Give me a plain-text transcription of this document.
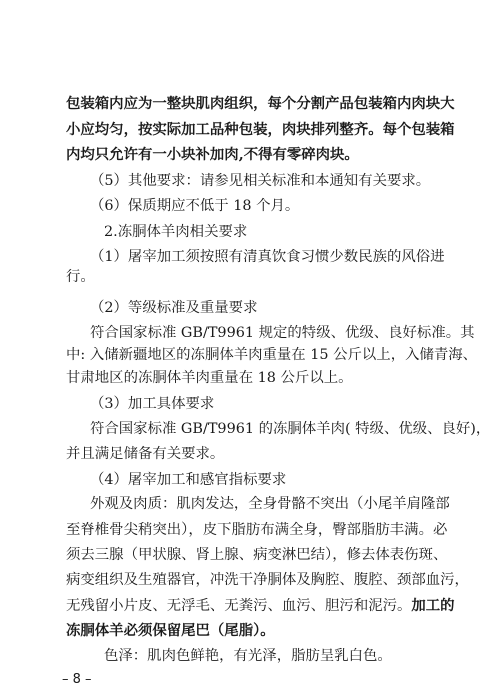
包装箱内应为一整块肌肉组织，每个分割产品包装箱内肉块大
小应均匀，按实际加工品种包装，肉块排列整齐。每个包装箱
内均只允许有一小块补加肉,不得有零碎肉块。
（5）其他要求：请参见相关标准和本通知有关要求。
（6）保质期应不低于 18 个月。
2.冻胴体羊肉相关要求
（1）屠宰加工须按照有清真饮食习惯少数民族的风俗进
行。
（2）等级标准及重量要求
符合国家标准 GB/T9961 规定的特级、优级、良好标准。其
中: 入储新疆地区的冻胴体羊肉重量在 15 公斤以上，入储青海、
甘肃地区的冻胴体羊肉重量在 18 公斤以上。
（3）加工具体要求
符合国家标准 GB/T9961 的冻胴体羊肉( 特级、优级、良好)，
并且满足储备有关要求。
（4）屠宰加工和感官指标要求
外观及肉质：肌肉发达，全身骨骼不突出（小尾羊肩隆部
至脊椎骨尖稍突出），皮下脂肪布满全身，臀部脂肪丰满。必
须去三腺（甲状腺、肾上腺、病变淋巴结），修去体表伤斑、
病变组织及生殖器官，冲洗干净胴体及胸腔、腹腔、颈部血污，
无残留小片皮、无浮毛、无粪污、血污、胆污和泥污。加工的
冻胴体羊必须保留尾巴（尾脂）。
色泽：肌肉色鲜艳，有光泽，脂肪呈乳白色。
– 8 –
